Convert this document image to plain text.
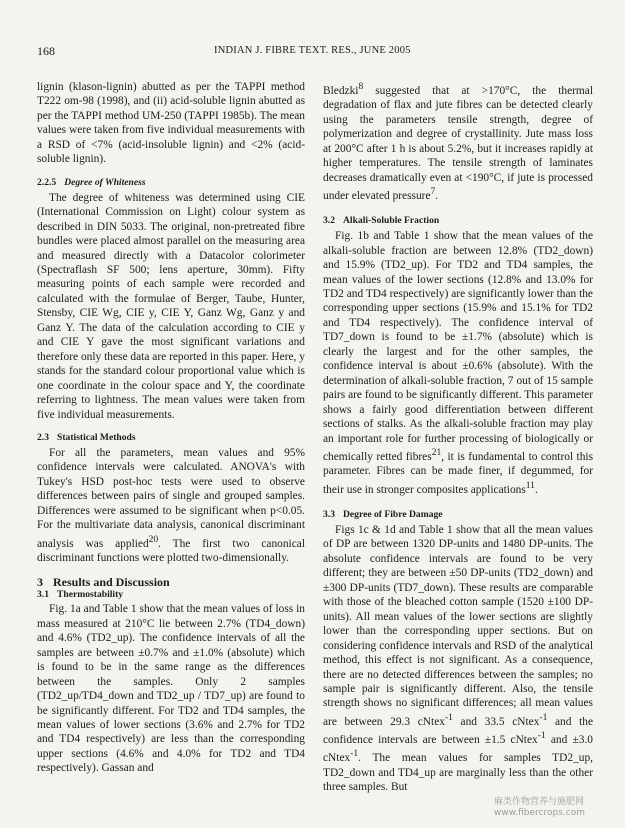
168	INDIAN J. FIBRE TEXT. RES., JUNE 2005

lignin (klason-lignin) abutted as per the TAPPI method T222 om-98 (1998), and (ii) acid-soluble lignin abutted as per the TAPPI method UM-250 (TAPPI 1985b). The mean values were taken from five individual measurements with a RSD of <7% (acid-insoluble lignin) and <2% (acid-soluble lignin).

2.2.5 Degree of Whiteness

The degree of whiteness was determined using CIE (International Commission on Light) colour system as described in DIN 5033. The original, non-pretreated fibre bundles were placed almost parallel on the measuring area and measured directly with a Datacolor colorimeter (Spectraflash SF 500; lens aperture, 30mm). Fifty measuring points of each sample were recorded and calculated with the formulae of Berger, Taube, Hunter, Stensby, CIE Wg, CIE y, CIE Y, Ganz Wg, Ganz y and Ganz Y. The data of the calculation according to CIE y and CIE Y gave the most significant variations and therefore only these data are reported in this paper. Here, y stands for the standard colour proportional value which is one coordinate in the colour space and Y, the coordinate referring to lightness. The mean values were taken from five individual measurements.

2.3 Statistical Methods

For all the parameters, mean values and 95% confidence intervals were calculated. ANOVA's with Tukey's HSD post-hoc tests were used to observe differences between pairs of single and grouped samples. Differences were assumed to be significant when p<0.05. For the multivariate data analysis, canonical discriminant analysis was applied$^{20}$. The first two canonical discriminant functions were plotted two-dimensionally.

3 Results and Discussion
3.1 Thermostability

Fig. 1a and Table 1 show that the mean values of loss in mass measured at 210°C lie between 2.7% (TD4_down) and 4.6% (TD2_up). The confidence intervals of all the samples are between ±0.7% and ±1.0% (absolute) which is found to be in the same range as the differences between the samples. Only 2 samples (TD2_up/TD4_down and TD2_up / TD7_up) are found to be significantly different. For TD2 and TD4 samples, the mean values of lower sections (3.6% and 2.7% for TD2 and TD4 respectively) are less than the corresponding upper sections (4.6% and 4.0% for TD2 and TD4 respectively). Gassan and

Bledzki$^8$ suggested that at >170°C, the thermal degradation of flax and jute fibres can be detected clearly using the parameters tensile strength, degree of polymerization and degree of crystallinity. Jute mass loss at 200°C after 1 h is about 5.2%, but it increases rapidly at higher temperatures. The tensile strength of laminates decreases dramatically even at <190°C, if jute is processed under elevated pressure$^7$.

3.2 Alkali-Soluble Fraction

Fig. 1b and Table 1 show that the mean values of the alkali-soluble fraction are between 12.8% (TD2_down) and 15.9% (TD2_up). For TD2 and TD4 samples, the mean values of the lower sections (12.8% and 13.0% for TD2 and TD4 respectively) are significantly lower than the corresponding upper sections (15.9% and 15.1% for TD2 and TD4 respectively). The confidence interval of TD7_down is found to be ±1.7% (absolute) which is clearly the largest and for the other samples, the confidence interval is about ±0.6% (absolute). With the determination of alkali-soluble fraction, 7 out of 15 sample pairs are found to be significantly different. This parameter shows a fairly good differentiation between different sections of stalks. As the alkali-soluble fraction may play an important role for further processing of biologically or chemically retted fibres$^{21}$, it is fundamental to control this parameter. Fibres can be made finer, if degummed, for their use in stronger composites applications$^{11}$.

3.3 Degree of Fibre Damage

Figs 1c & 1d and Table 1 show that all the mean values of DP are between 1320 DP-units and 1480 DP-units. The absolute confidence intervals are found to be very different; they are between ±50 DP-units (TD2_down) and ±300 DP-units (TD7_down). These results are comparable with those of the bleached cotton sample (1520 ±100 DP-units). All mean values of the lower sections are slightly lower than the corresponding upper sections. But on considering confidence intervals and RSD of the analytical method, this effect is not significant. As a consequence, there are no detected differences between the samples; no sample pair is significantly different. Also, the tensile strength shows no significant differences; all mean values are between 29.3 cNtex$^{-1}$ and 33.5 cNtex$^{-1}$ and the confidence intervals are between ±1.5 cNtex$^{-1}$ and ±3.0 cNtex$^{-1}$. The mean values for samples TD2_up, TD2_down and TD4_up are marginally less than the other three samples. But

麻类作物营养与施肥网
www.fibercrops.com
